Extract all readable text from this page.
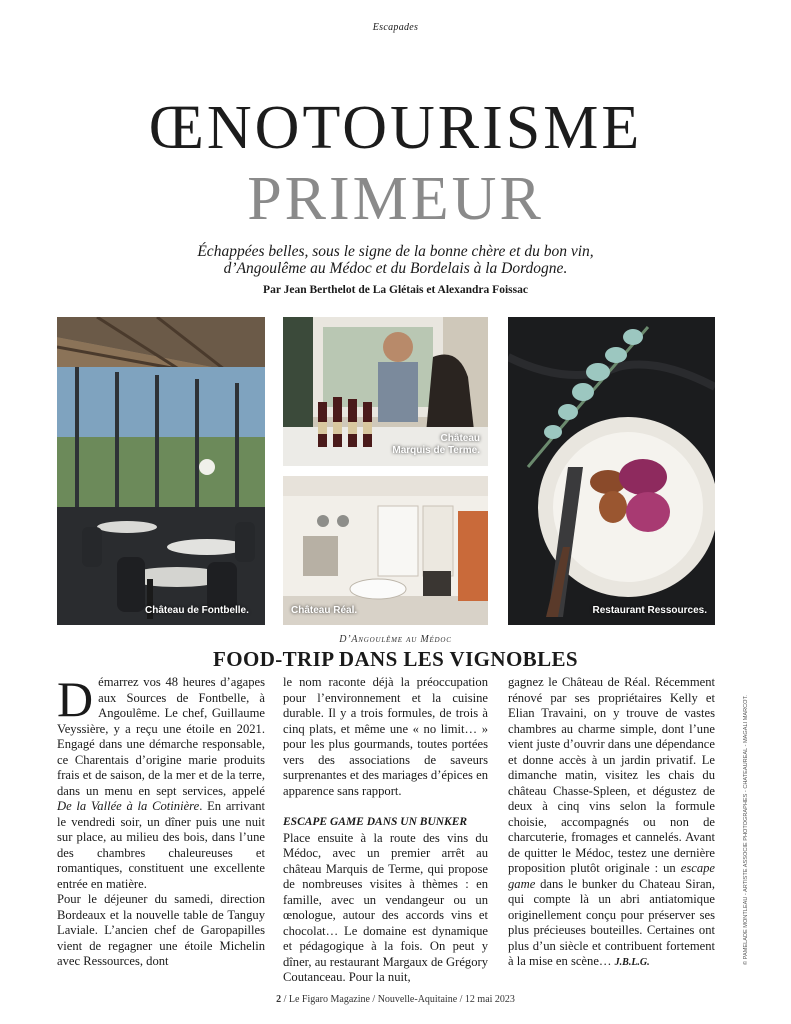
Escapades
ŒNOTOURISME
PRIMEUR
Échappées belles, sous le signe de la bonne chère et du bon vin,
d’Angoulême au Médoc et du Bordelais à la Dordogne.
Par Jean Berthelot de La Glétais et Alexandra Foissac
Château de Fontbelle.
Château
Marquis de Terme.
Château Réal.	Restaurant Ressources.
D’Angoulême au Médoc
FOOD-TRIP DANS LES VIGNOBLES

Démarrez vos 48 heures d’agapes aux Sources de Fontbelle, à Angoulême. Le chef, Guillaume Veyssière, y a reçu une étoile en 2021. Engagé dans une démarche responsable, ce Charentais d’origine marie produits frais et de saison, de la mer et de la terre, dans un menu en sept services, appelé De la Vallée à la Cotinière. En arrivant le vendredi soir, un dîner puis une nuit sur place, au milieu des bois, dans l’une des chambres chaleureuses et romantiques, constituent une excellente entrée en matière.

Pour le déjeuner du samedi, direction Bordeaux et la nouvelle table de Tanguy Laviale. L’ancien chef de Garopapilles vient de regagner une étoile Michelin avec Ressources, dont

le nom raconte déjà la préoccupation pour l’environnement et la cuisine durable. Il y a trois formules, de trois à cinq plats, et même une « no limit… » pour les plus gourmands, toutes portées vers des associations de saveurs surprenantes et des mariages d’épices en apparence sans rapport.

ESCAPE GAME DANS UN BUNKER

Place ensuite à la route des vins du Médoc, avec un premier arrêt au château Marquis de Terme, qui propose de nombreuses visites à thèmes : en famille, avec un vendangeur ou un œnologue, autour des accords vins et chocolat… Le domaine est dynamique et pédagogique à la fois. On peut y dîner, au restaurant Margaux de Grégory Coutanceau. Pour la nuit,

gagnez le Château de Réal. Récemment rénové par ses propriétaires Kelly et Elian Travaini, on y trouve de vastes chambres au charme simple, dont l’une vient juste d’ouvrir dans une dépendance et donne accès à un jardin privatif. Le dimanche matin, visitez les chais du château Chasse-Spleen, et dégustez de deux à cinq vins selon la formule choisie, accompagnés ou non de charcuterie, fromages et cannelés. Avant de quitter le Médoc, testez une dernière proposition plutôt originale : un escape game dans le bunker du Chateau Siran, qui compte là un abri antiatomique originellement conçu pour préserver ses plus précieuses bouteilles. Certaines ont plus d’un siècle et contribuent fortement à la mise en scène… J.B.L.G.	© PAMELADE MONTLEAU - ARTISTE ASSOCIE PHOTOGRAPHES - CHATEAUREAL - MAGALI MARCOT.
2 / Le Figaro Magazine / Nouvelle-Aquitaine / 12 mai 2023
